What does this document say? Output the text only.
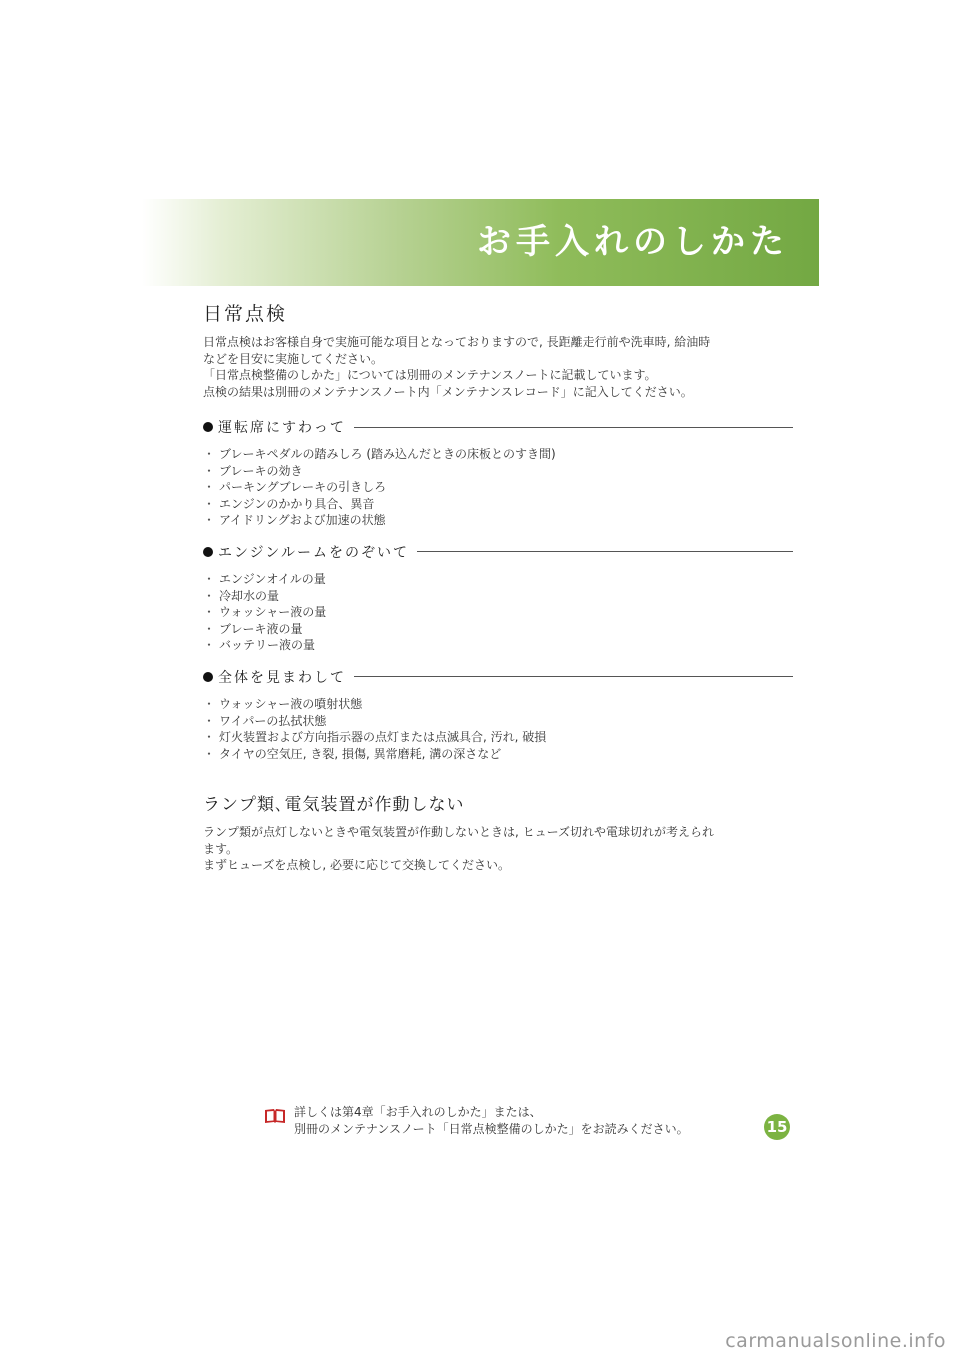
お手入れのしかた
日常点検
日常点検はお客様自身で実施可能な項目となっておりますので, 長距離走行前や洗車時, 給油時
などを目安に実施してください。
「日常点検整備のしかた」については別冊のメンテナンスノートに記載しています。
点検の結果は別冊のメンテナンスノート内「メンテナンスレコード」に記入してください。
運転席にすわって
・ ブレーキペダルの踏みしろ (踏み込んだときの床板とのすき間)
・ ブレーキの効き
・ パーキングブレーキの引きしろ
・ エンジンのかかり具合、異音
・ アイドリングおよび加速の状態
エンジンルームをのぞいて
・ エンジンオイルの量
・ 冷却水の量
・ ウォッシャー液の量
・ ブレーキ液の量
・ バッテリー液の量
全体を見まわして
・ ウォッシャー液の噴射状態
・ ワイパーの払拭状態
・ 灯火装置および方向指示器の点灯または点滅具合, 汚れ, 破損
・ タイヤの空気圧, き裂, 損傷, 異常磨耗, 溝の深さなど
ランプ類､電気装置が作動しない
ランプ類が点灯しないときや電気装置が作動しないときは, ヒューズ切れや電球切れが考えられ
ます。
まずヒューズを点検し, 必要に応じて交換してください。
詳しくは第4章「お手入れのしかた」または、
別冊のメンテナンスノート「日常点検整備のしかた」をお読みください。	15
carmanualsonline.info
